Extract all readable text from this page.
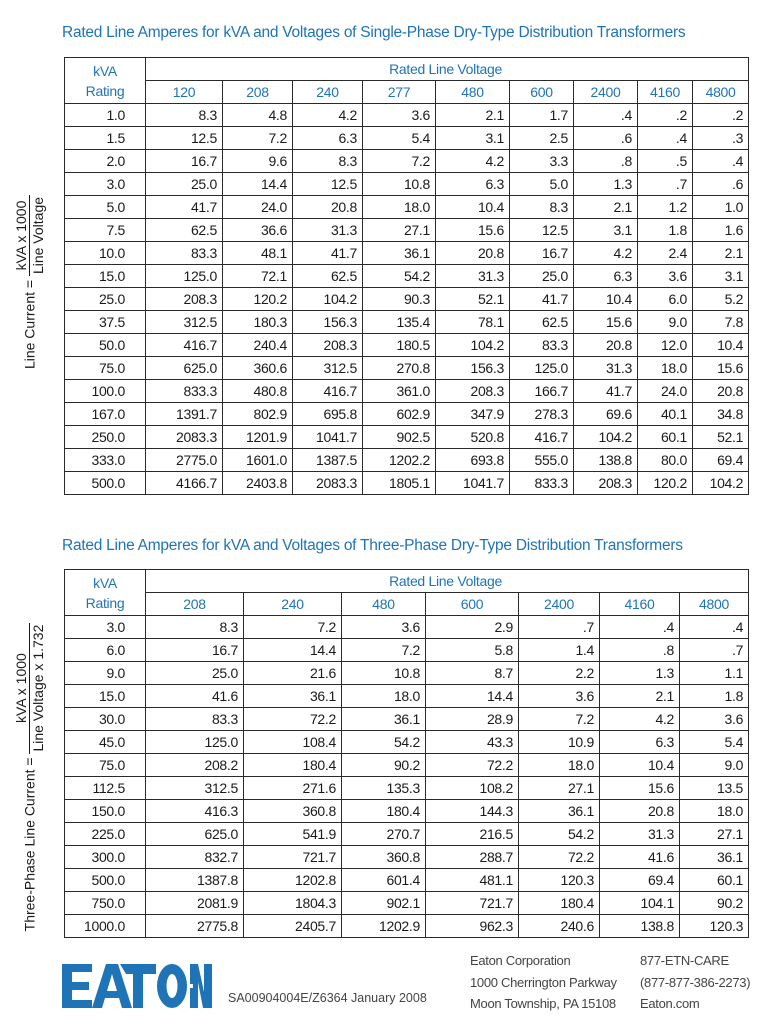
Rated Line Amperes for kVA and Voltages of Single-Phase Dry-Type Distribution Transformers
kVA
Rating	Rated Line Voltage								
	120	208	240	277	480	600	2400	4160	4800
1.0	8.3	4.8	4.2	3.6	2.1	1.7	.4	.2	.2
1.5	12.5	7.2	6.3	5.4	3.1	2.5	.6	.4	.3
2.0	16.7	9.6	8.3	7.2	4.2	3.3	.8	.5	.4
3.0	25.0	14.4	12.5	10.8	6.3	5.0	1.3	.7	.6
5.0	41.7	24.0	20.8	18.0	10.4	8.3	2.1	1.2	1.0
7.5	62.5	36.6	31.3	27.1	15.6	12.5	3.1	1.8	1.6
10.0	83.3	48.1	41.7	36.1	20.8	16.7	4.2	2.4	2.1
15.0	125.0	72.1	62.5	54.2	31.3	25.0	6.3	3.6	3.1
25.0	208.3	120.2	104.2	90.3	52.1	41.7	10.4	6.0	5.2
37.5	312.5	180.3	156.3	135.4	78.1	62.5	15.6	9.0	7.8
50.0	416.7	240.4	208.3	180.5	104.2	83.3	20.8	12.0	10.4
75.0	625.0	360.6	312.5	270.8	156.3	125.0	31.3	18.0	15.6
100.0	833.3	480.8	416.7	361.0	208.3	166.7	41.7	24.0	20.8
167.0	1391.7	802.9	695.8	602.9	347.9	278.3	69.6	40.1	34.8
250.0	2083.3	1201.9	1041.7	902.5	520.8	416.7	104.2	60.1	52.1
333.0	2775.0	1601.0	1387.5	1202.2	693.8	555.0	138.8	80.0	69.4
500.0	4166.7	2403.8	2083.3	1805.1	1041.7	833.3	208.3	120.2	104.2
Line Current =
kVA x 1000 Line Voltage
Rated Line Amperes for kVA and Voltages of Three-Phase Dry-Type Distribution Transformers
kVA
Rating	Rated Line Voltage						
	208	240	480	600	2400	4160	4800
3.0	8.3	7.2	3.6	2.9	.7	.4	.4
6.0	16.7	14.4	7.2	5.8	1.4	.8	.7
9.0	25.0	21.6	10.8	8.7	2.2	1.3	1.1
15.0	41.6	36.1	18.0	14.4	3.6	2.1	1.8
30.0	83.3	72.2	36.1	28.9	7.2	4.2	3.6
45.0	125.0	108.4	54.2	43.3	10.9	6.3	5.4
75.0	208.2	180.4	90.2	72.2	18.0	10.4	9.0
112.5	312.5	271.6	135.3	108.2	27.1	15.6	13.5
150.0	416.3	360.8	180.4	144.3	36.1	20.8	18.0
225.0	625.0	541.9	270.7	216.5	54.2	31.3	27.1
300.0	832.7	721.7	360.8	288.7	72.2	41.6	36.1
500.0	1387.8	1202.8	601.4	481.1	120.3	69.4	60.1
750.0	2081.9	1804.3	902.1	721.7	180.4	104.1	90.2
1000.0	2775.8	2405.7	1202.9	962.3	240.6	138.8	120.3
Three-Phase Line Current =
kVA x 1000 Line Voltage x 1.732
SA00904004E/Z6364 January 2008
Eaton Corporation
1000 Cherrington Parkway
Moon Township, PA 15108
877-ETN-CARE
(877-877-386-2273)
Eaton.com
